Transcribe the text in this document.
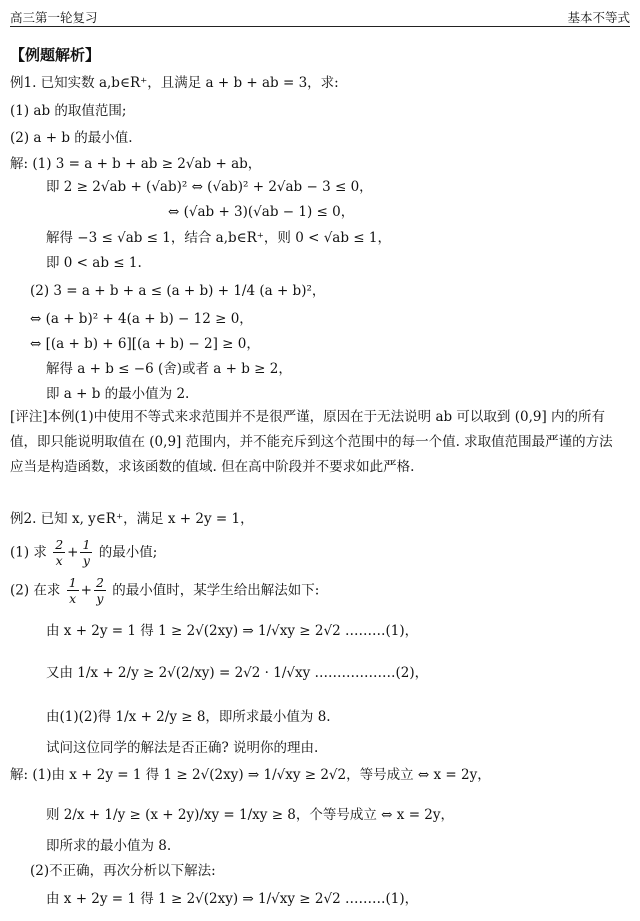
高三第一轮复习	基本不等式
【例题解析】
例1. 已知实数 a,b∈R⁺，且满足 a + b + ab = 3，求:
(1) ab 的取值范围;
(2) a + b 的最小值.
解: (1) 3 = a + b + ab ≥ 2√ab + ab，
即 2 ≥ 2√ab + (√ab)² ⇔ (√ab)² + 2√ab − 3 ≤ 0，
⇔ (√ab + 3)(√ab − 1) ≤ 0，
解得 −3 ≤ √ab ≤ 1，结合 a,b∈R⁺，则 0 < √ab ≤ 1，
即 0 < ab ≤ 1.
(2) 3 = a + b + a ≤ (a + b) + 1/4 (a + b)²，
⇔ (a + b)² + 4(a + b) − 12 ≥ 0，
⇔ [(a + b) + 6][(a + b) − 2] ≥ 0，
解得 a + b ≤ −6 (舍)或者 a + b ≥ 2，
即 a + b 的最小值为 2.
[评注]本例(1)中使用不等式来求范围并不是很严谨，原因在于无法说明 ab 可以取到 (0,9] 内的所有值，即只能说明取值在 (0,9] 范围内，并不能充斥到这个范围中的每一个值. 求取值范围最严谨的方法应当是构造函数，求该函数的值域. 但在高中阶段并不要求如此严格.
例2. 已知 x, y∈R⁺，满足 x + 2y = 1，
(1) 求 $\frac{2}{x} + \frac{1}{y}$ 的最小值;
(2) 在求 $\frac{1}{x} + \frac{2}{y}$ 的最小值时，某学生给出解法如下:
由 x + 2y = 1 得 1 ≥ 2√(2xy) ⇒ 1/√xy ≥ 2√2 ………(1)，
又由 1/x + 2/y ≥ 2√(2/xy) = 2√2 · 1/√xy ………………(2)，
由(1)(2)得 1/x + 2/y ≥ 8，即所求最小值为 8.
试问这位同学的解法是否正确? 说明你的理由.
解: (1)由 x + 2y = 1 得 1 ≥ 2√(2xy) ⇒ 1/√xy ≥ 2√2，等号成立 ⇔ x = 2y，
则 2/x + 1/y ≥ (x + 2y)/xy = 1/xy ≥ 8，个等号成立 ⇔ x = 2y，
即所求的最小值为 8.
(2)不正确，再次分析以下解法:
由 x + 2y = 1 得 1 ≥ 2√(2xy) ⇒ 1/√xy ≥ 2√2 ………(1)，
